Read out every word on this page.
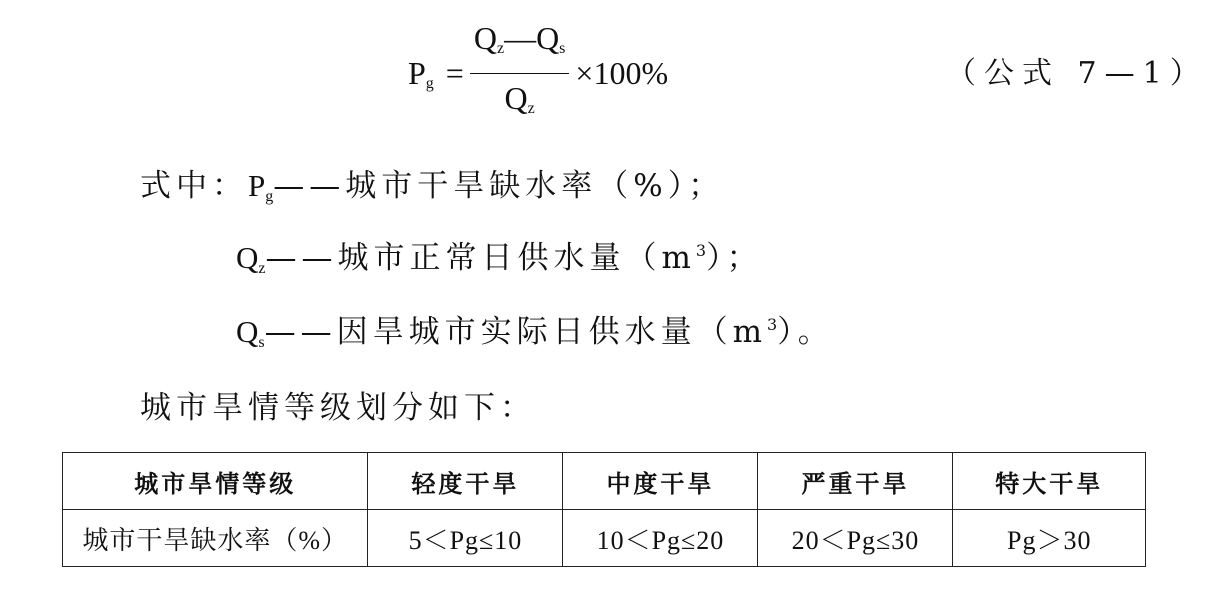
$P_g = \frac{Q_z—Q_s}{Q_z} \times 100\%$	（公式 7—1）
式中：$P_g——$城市干旱缺水率（%）；
$Q_z——$城市正常日供水量$(m^3)$；
$Q_s——$因旱城市实际日供水量$(m^3)$。
城市旱情等级划分如下：
城市旱情等级	轻度干旱	中度干旱	严重干旱	特大干旱
城市干旱缺水率（%）	5＜Pg≤10	10＜Pg≤20	20＜Pg≤30	Pg＞30
